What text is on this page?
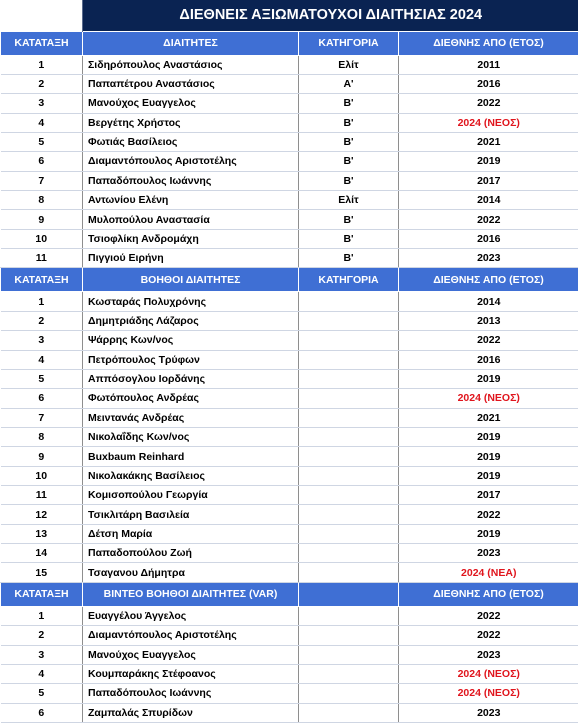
	ΔΙΕΘΝΕΙΣ ΑΞΙΩΜΑΤΟΥΧΟΙ ΔΙΑΙΤΗΣΙΑΣ 2024		
ΚΑΤΑΤΑΞΗ	ΔΙΑΙΤΗΤΕΣ	ΚΑΤΗΓΟΡΙΑ	ΔΙΕΘΝΗΣ ΑΠΟ (ΕΤΟΣ)
1	Σιδηρόπουλος Αναστάσιος	Ελίτ	2011
2	Παπαπέτρου Αναστάσιος	Α'	2016
3	Μανούχος Ευαγγελος	Β'	2022
4	Βεργέτης Χρήστος	Β'	2024 (ΝΕΟΣ)
5	Φωτιάς Βασίλειος	Β'	2021
6	Διαμαντόπουλος Αριστοτέλης	Β'	2019
7	Παπαδόπουλος Ιωάννης	Β'	2017
8	Αντωνίου Ελένη	Ελίτ	2014
9	Μυλοπούλου Αναστασία	Β'	2022
10	Τσιοφλίκη Ανδρομάχη	Β'	2016
11	Πιγγιού Ειρήνη	Β'	2023
ΚΑΤΑΤΑΞΗ	ΒΟΗΘΟΙ ΔΙΑΙΤΗΤΕΣ	ΚΑΤΗΓΟΡΙΑ	ΔΙΕΘΝΗΣ ΑΠΟ (ΕΤΟΣ)
1	Κωσταράς Πολυχρόνης		2014
2	Δημητριάδης Λάζαρος		2013
3	Ψάρρης Κων/νος		2022
4	Πετρόπουλος Τρύφων		2016
5	Αππόσογλου Ιορδάνης		2019
6	Φωτόπουλος Ανδρέας		2024 (ΝΕΟΣ)
7	Μειντανάς Ανδρέας		2021
8	Νικολαΐδης Κων/νος		2019
9	Buxbaum Reinhard		2019
10	Νικολακάκης Βασίλειος		2019
11	Κομισοπούλου Γεωργία		2017
12	Τσικλιτάρη Βασιλεία		2022
13	Δέτση Μαρία		2019
14	Παπαδοπούλου Ζωή		2023
15	Τσαγανου Δήμητρα		2024 (ΝΕΑ)
ΚΑΤΑΤΑΞΗ	ΒΙΝΤΕΟ ΒΟΗΘΟΙ ΔΙΑΙΤΗΤΕΣ (VAR)		ΔΙΕΘΝΗΣ ΑΠΟ (ΕΤΟΣ)
1	Ευαγγέλου Άγγελος		2022
2	Διαμαντόπουλος Αριστοτέλης		2022
3	Μανούχος Ευαγγελος		2023
4	Κουμπαράκης Στέφοανος		2024 (ΝΕΟΣ)
5	Παπαδόπουλος Ιωάννης		2024 (ΝΕΟΣ)
6	Ζαμπαλάς Σπυρίδων		2023
